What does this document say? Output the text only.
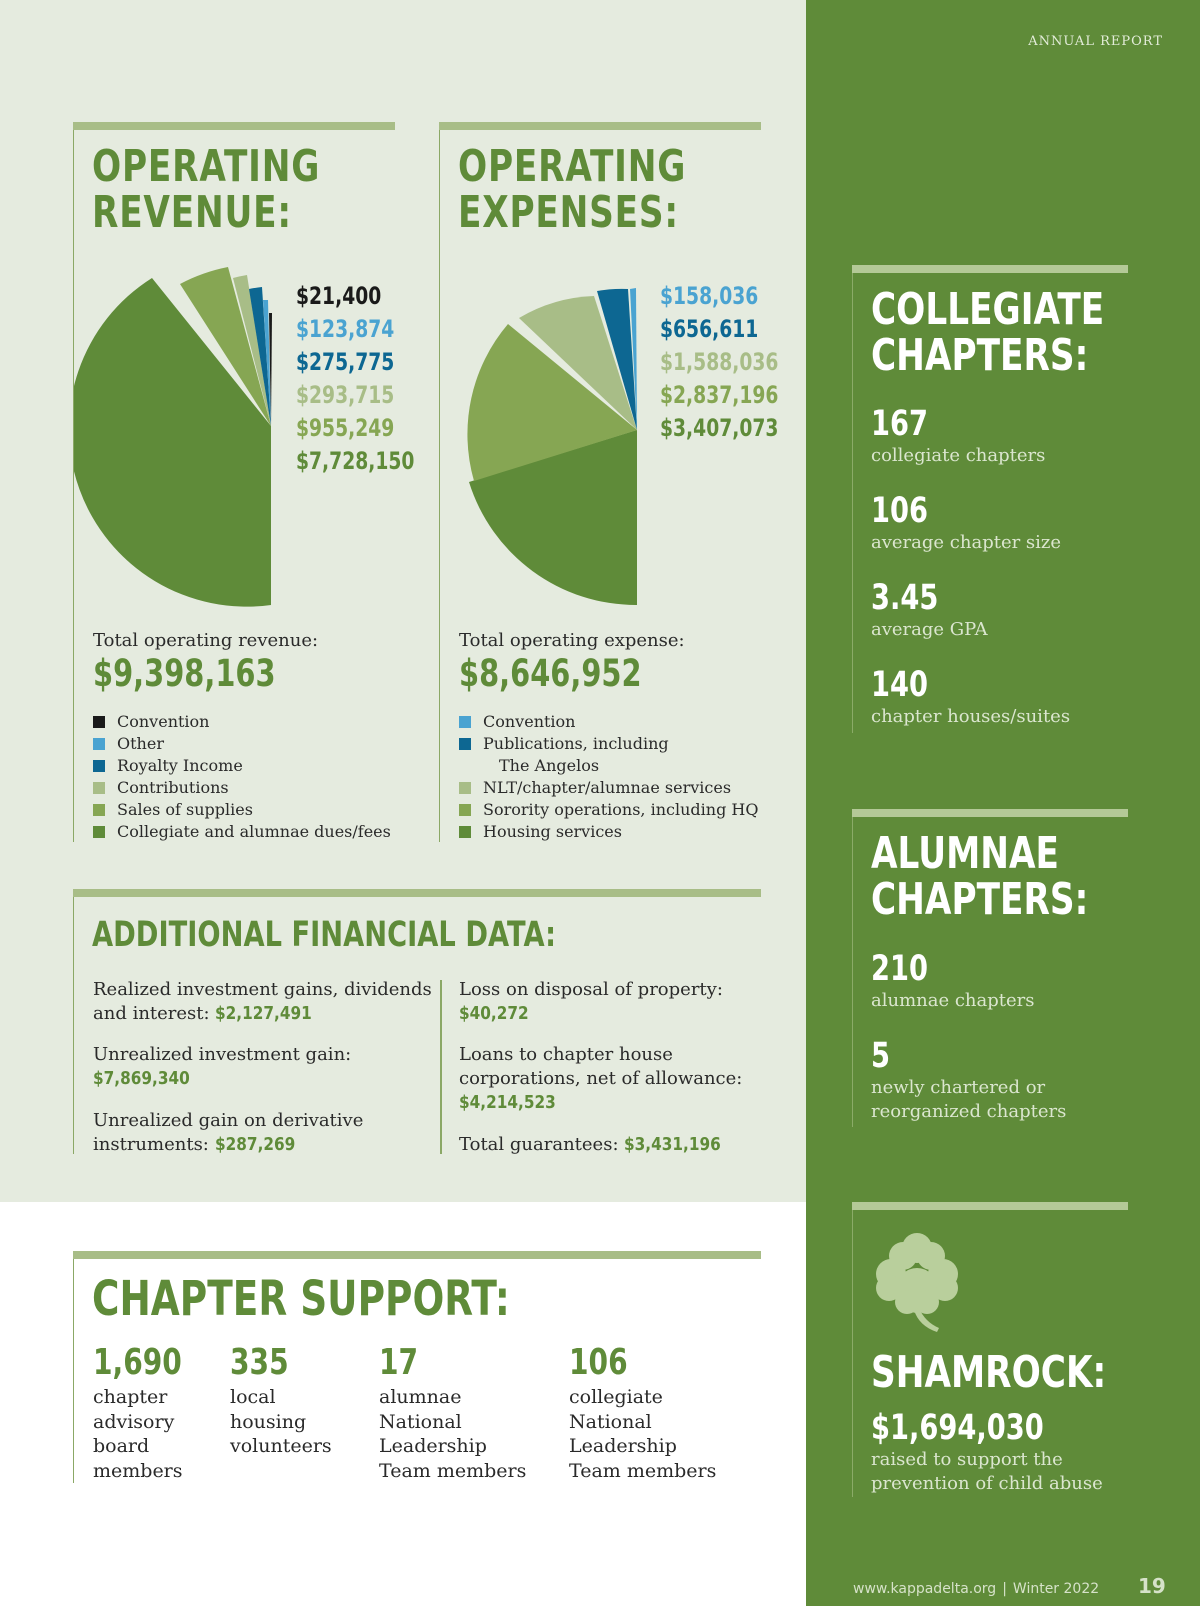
ANNUAL REPORT
OPERATING
REVENUE:
$21,400
$123,874
$275,775
$293,715
$955,249
$7,728,150
Total operating revenue:
$9,398,163
Convention
Other
Royalty Income
Contributions
Sales of supplies
Collegiate and alumnae dues/fees
OPERATING
EXPENSES:
$158,036
$656,611
$1,588,036
$2,837,196
$3,407,073
Total operating expense:
$8,646,952
Convention
Publications, including
The Angelos
NLT/chapter/alumnae services
Sorority operations, including HQ
Housing services
ADDITIONAL FINANCIAL DATA:
Realized investment gains, dividends and interest: $2,127,491
Unrealized investment gain:
$7,869,340
Unrealized gain on derivative instruments: $287,269
Loss on disposal of property:
$40,272
Loans to chapter house corporations, net of allowance:
$4,214,523
Total guarantees: $3,431,196
CHAPTER SUPPORT:
1,690
chapter
advisory
board
members
335
local
housing
volunteers
17
alumnae
National
Leadership
Team members
106
collegiate
National
Leadership
Team members
COLLEGIATE
CHAPTERS:
167
collegiate chapters
106
average chapter size
3.45
average GPA
140
chapter houses/suites
ALUMNAE
CHAPTERS:
210
alumnae chapters
5
newly chartered or
reorganized chapters
SHAMROCK:
$1,694,030
raised to support the
prevention of child abuse
www.kappadelta.org | Winter 2022 19
